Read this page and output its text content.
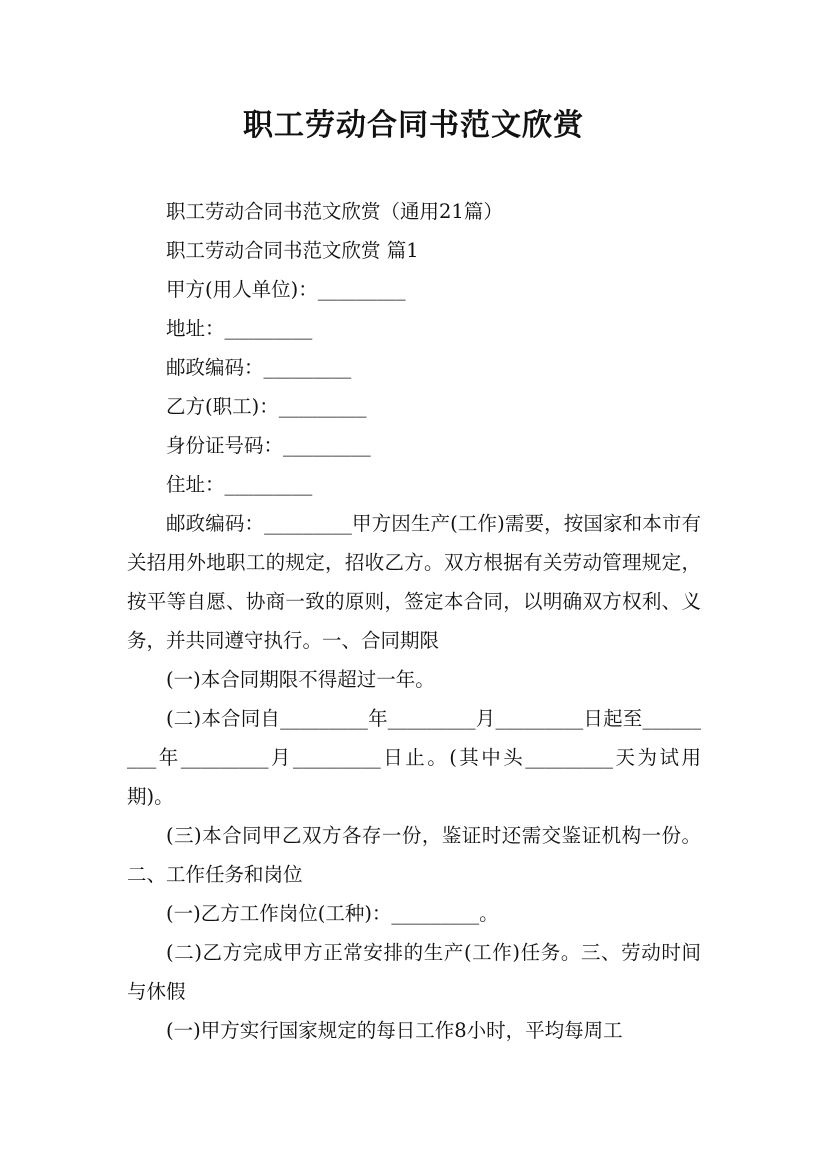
职工劳动合同书范文欣赏

职工劳动合同书范文欣赏（通用21篇）

职工劳动合同书范文欣赏 篇1

甲方(用人单位)：_________

地址：_________

邮政编码：_________

乙方(职工)：_________

身份证号码：_________

住址：_________

邮政编码：_________甲方因生产(工作)需要，按国家和本市有关招用外地职工的规定，招收乙方。双方根据有关劳动管理规定，按平等自愿、协商一致的原则，签定本合同，以明确双方权利、义务，并共同遵守执行。一、合同期限

(一)本合同期限不得超过一年。

(二)本合同自_________年_________月_________日起至_________年_________月_________日止。(其中头_________天为试用期)。

(三)本合同甲乙双方各存一份，鉴证时还需交鉴证机构一份。二、工作任务和岗位

(一)乙方工作岗位(工种)：_________。

(二)乙方完成甲方正常安排的生产(工作)任务。三、劳动时间与休假

(一)甲方实行国家规定的每日工作8小时，平均每周工
